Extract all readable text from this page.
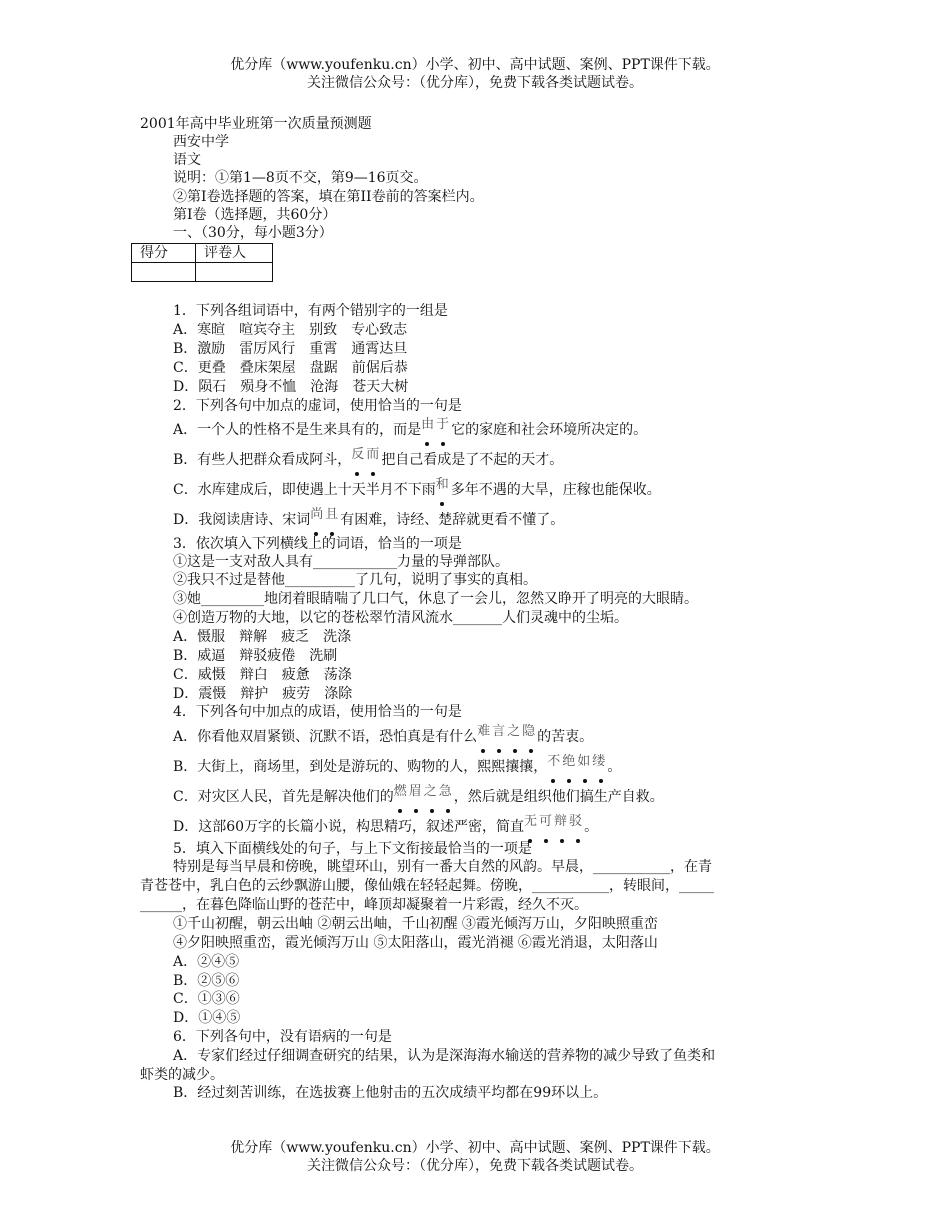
优分库（www.youfenku.cn）小学、初中、高中试题、案例、PPT课件下载。
关注微信公众号：（优分库），免费下载各类试题试卷。
2001年高中毕业班第一次质量预测题
西安中学
语文
说明：①第1—8页不交，第9—16页交。
②第I卷选择题的答案，填在第II卷前的答案栏内。
第I卷（选择题，共60分）
一、（30分，每小题3分）
得分	评卷人

1．下列各组词语中，有两个错别字的一组是
A．寒暄　喧宾夺主　别致　专心致志
B．激励　雷厉风行　重霄　通霄达旦
C．更叠　叠床架屋　盘踞　前倨后恭
D．陨石　殒身不恤　沧海　苍天大树
2．下列各句中加点的虚词，使用恰当的一句是
A．一个人的性格不是生来具有的，而是由于
它的家庭和社会环境所决定的。
B．有些人把群众看成阿斗，反而
把自己看成是了不起的天才。
C．水库建成后，即使遇上十天半月不下雨和
多年不遇的大旱，庄稼也能保收。
D．我阅读唐诗、宋词尚且
有困难，诗经、楚辞就更看不懂了。
3．依次填入下列横线上的词语，恰当的一项是
①这是一支对敌人具有____________力量的导弹部队。
②我只不过是替他__________了几句，说明了事实的真相。
③她_________地闭着眼睛喘了几口气，休息了一会儿，忽然又睁开了明亮的大眼睛。
④创造万物的大地，以它的苍松翠竹清风流水_______人们灵魂中的尘垢。
A．慑服　辩解　疲乏　洗涤
B．威逼　辩驳疲倦　洗刷
C．威慑　辩白　疲惫　荡涤
D．震慑　辩护　疲劳　涤除
4．下列各句中加点的成语，使用恰当的一句是
A．你看他双眉紧锁、沉默不语，恐怕真是有什么难言之隐
的苦衷。
B．大街上，商场里，到处是游玩的、购物的人，熙熙攘攘，不绝如缕
。
C．对灾区人民，首先是解决他们的燃眉之急
，然后就是组织他们搞生产自救。
D．这部60万字的长篇小说，构思精巧，叙述严密，简直无可辩驳
。
5．填入下面横线处的句子，与上下文衔接最恰当的一项是
特别是每当早晨和傍晚，眺望环山，别有一番大自然的风韵。早晨，___________，在青
青苍苍中，乳白色的云纱飘游山腰，像仙娥在轻轻起舞。傍晚，___________，转眼间，_____
______，在暮色降临山野的苍茫中，峰顶却凝聚着一片彩霞，经久不灭。
①千山初醒，朝云出岫 ②朝云出岫，千山初醒 ③霞光倾泻万山，夕阳映照重峦
④夕阳映照重峦，霞光倾泻万山 ⑤太阳落山，霞光消褪 ⑥霞光消退，太阳落山
A．②④⑤
B．②⑤⑥
C．①③⑥
D．①④⑤
6．下列各句中，没有语病的一句是
A．专家们经过仔细调查研究的结果，认为是深海海水输送的营养物的减少导致了鱼类和
虾类的减少。
B．经过刻苦训练，在选拔赛上他射击的五次成绩平均都在99环以上。
优分库（www.youfenku.cn）小学、初中、高中试题、案例、PPT课件下载。
关注微信公众号：（优分库），免费下载各类试题试卷。
